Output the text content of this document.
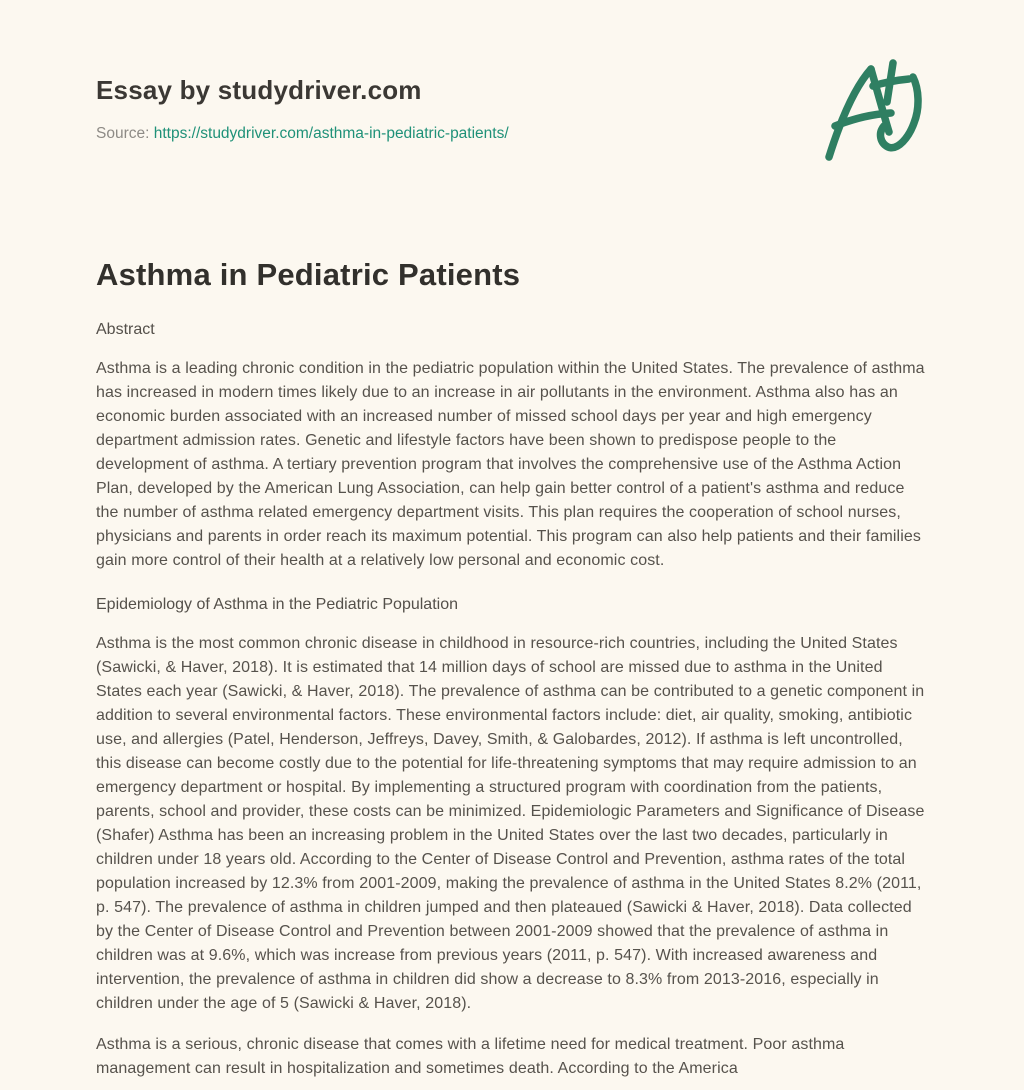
Essay by studydriver.com
Source: https://studydriver.com/asthma-in-pediatric-patients/
Asthma in Pediatric Patients
Abstract

Asthma is a leading chronic condition in the pediatric population within the United States. The prevalence of asthma has increased in modern times likely due to an increase in air pollutants in the environment. Asthma also has an economic burden associated with an increased number of missed school days per year and high emergency department admission rates. Genetic and lifestyle factors have been shown to predispose people to the development of asthma. A tertiary prevention program that involves the comprehensive use of the Asthma Action Plan, developed by the American Lung Association, can help gain better control of a patient's asthma and reduce the number of asthma related emergency department visits. This plan requires the cooperation of school nurses, physicians and parents in order reach its maximum potential. This program can also help patients and their families gain more control of their health at a relatively low personal and economic cost.

Epidemiology of Asthma in the Pediatric Population

Asthma is the most common chronic disease in childhood in resource-rich countries, including the United States (Sawicki, & Haver, 2018). It is estimated that 14 million days of school are missed due to asthma in the United States each year (Sawicki, & Haver, 2018). The prevalence of asthma can be contributed to a genetic component in addition to several environmental factors. These environmental factors include: diet, air quality, smoking, antibiotic use, and allergies (Patel, Henderson, Jeffreys, Davey, Smith, & Galobardes, 2012). If asthma is left uncontrolled, this disease can become costly due to the potential for life-threatening symptoms that may require admission to an emergency department or hospital. By implementing a structured program with coordination from the patients, parents, school and provider, these costs can be minimized. Epidemiologic Parameters and Significance of Disease (Shafer) Asthma has been an increasing problem in the United States over the last two decades, particularly in children under 18 years old. According to the Center of Disease Control and Prevention, asthma rates of the total population increased by 12.3% from 2001-2009, making the prevalence of asthma in the United States 8.2% (2011, p. 547). The prevalence of asthma in children jumped and then plateaued (Sawicki & Haver, 2018). Data collected by the Center of Disease Control and Prevention between 2001-2009 showed that the prevalence of asthma in children was at 9.6%, which was increase from previous years (2011, p. 547). With increased awareness and intervention, the prevalence of asthma in children did show a decrease to 8.3% from 2013-2016, especially in children under the age of 5 (Sawicki & Haver, 2018).

Asthma is a serious, chronic disease that comes with a lifetime need for medical treatment. Poor asthma management can result in hospitalization and sometimes death. According to the America
